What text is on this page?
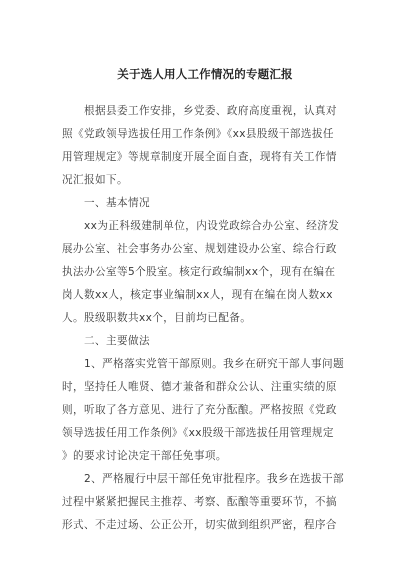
关于选人用人工作情况的专题汇报
根据县委工作安排，乡党委、政府高度重视，认真对
照《党政领导选拔任用工作条例》《xx县股级干部选拔任
用管理规定》等规章制度开展全面自查，现将有关工作情
况汇报如下。
一、基本情况
xx为正科级建制单位，内设党政综合办公室、经济发
展办公室、社会事务办公室、规划建设办公室、综合行政
执法办公室等5个股室。核定行政编制xx个，现有在编在
岗人数xx人，核定事业编制xx人，现有在编在岗人数xx
人。股级职数共xx个，目前均已配备。
二、主要做法
1、严格落实党管干部原则。我乡在研究干部人事问题
时，坚持任人唯贤、德才兼备和群众公认、注重实绩的原
则，听取了各方意见、进行了充分酝酿。严格按照《党政
领导选拔任用工作条例》《xx股级干部选拔任用管理规定
》的要求讨论决定干部任免事项。
2、严格履行中层干部任免审批程序。我乡在选拔干部
过程中紧紧把握民主推荐、考察、酝酿等重要环节，不搞
形式、不走过场、公正公开，切实做到组织严密，程序合
